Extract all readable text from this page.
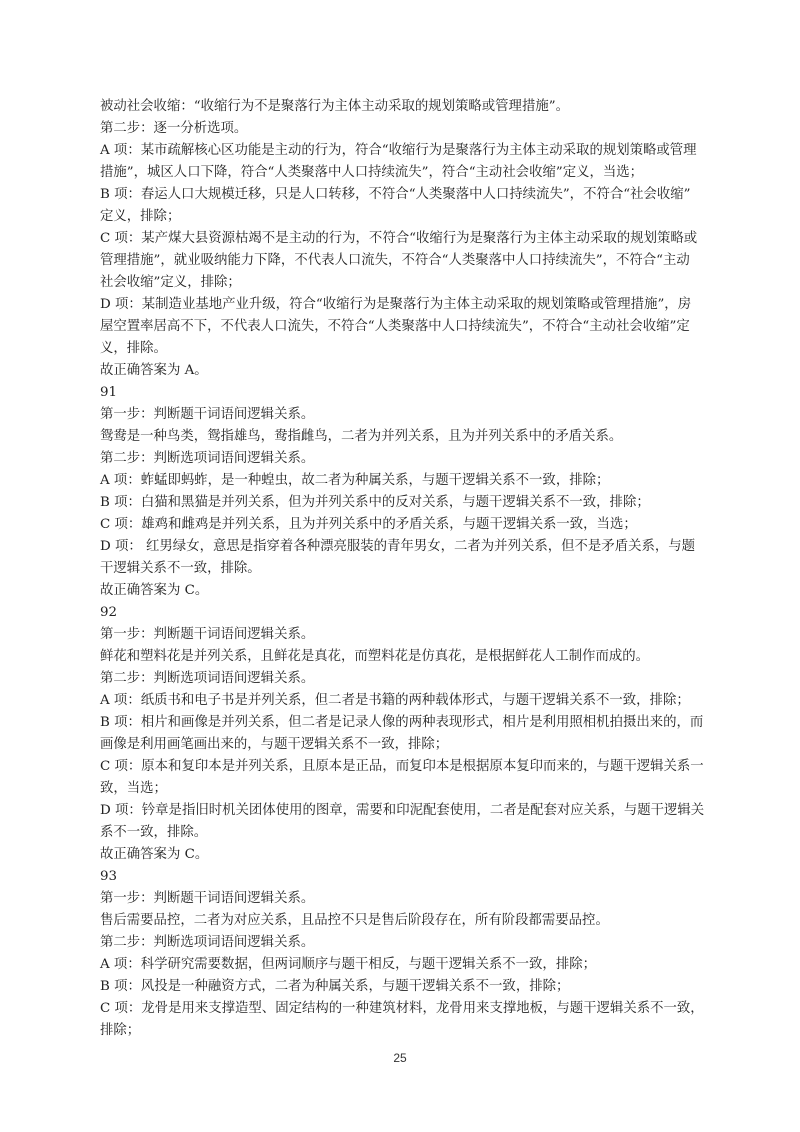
被动社会收缩：“收缩行为不是聚落行为主体主动采取的规划策略或管理措施”。
第二步：逐一分析选项。
A 项：某市疏解核心区功能是主动的行为，符合“收缩行为是聚落行为主体主动采取的规划策略或管理
措施”，城区人口下降，符合“人类聚落中人口持续流失”，符合“主动社会收缩”定义，当选；
B 项：春运人口大规模迁移，只是人口转移，不符合“人类聚落中人口持续流失”，不符合“社会收缩”
定义，排除；
C 项：某产煤大县资源枯竭不是主动的行为，不符合“收缩行为是聚落行为主体主动采取的规划策略或
管理措施”，就业吸纳能力下降，不代表人口流失，不符合“人类聚落中人口持续流失”，不符合“主动
社会收缩”定义，排除；
D 项：某制造业基地产业升级，符合“收缩行为是聚落行为主体主动采取的规划策略或管理措施”，房
屋空置率居高不下，不代表人口流失，不符合“人类聚落中人口持续流失”，不符合“主动社会收缩”定
义，排除。
故正确答案为 A。
91
第一步：判断题干词语间逻辑关系。
鸳鸯是一种鸟类，鸳指雄鸟，鸯指雌鸟，二者为并列关系，且为并列关系中的矛盾关系。
第二步：判断选项词语间逻辑关系。
A 项：蚱蜢即蚂蚱，是一种蝗虫，故二者为种属关系，与题干逻辑关系不一致，排除；
B 项：白猫和黑猫是并列关系，但为并列关系中的反对关系，与题干逻辑关系不一致，排除；
C 项：雄鸡和雌鸡是并列关系，且为并列关系中的矛盾关系，与题干逻辑关系一致，当选；
D 项： 红男绿女，意思是指穿着各种漂亮服装的青年男女，二者为并列关系，但不是矛盾关系，与题
干逻辑关系不一致，排除。
故正确答案为 C。
92
第一步：判断题干词语间逻辑关系。
鲜花和塑料花是并列关系，且鲜花是真花，而塑料花是仿真花，是根据鲜花人工制作而成的。
第二步：判断选项词语间逻辑关系。
A 项：纸质书和电子书是并列关系，但二者是书籍的两种载体形式，与题干逻辑关系不一致，排除；
B 项：相片和画像是并列关系，但二者是记录人像的两种表现形式，相片是利用照相机拍摄出来的，而
画像是利用画笔画出来的，与题干逻辑关系不一致，排除；
C 项：原本和复印本是并列关系，且原本是正品，而复印本是根据原本复印而来的，与题干逻辑关系一
致，当选；
D 项：钤章是指旧时机关团体使用的图章，需要和印泥配套使用，二者是配套对应关系，与题干逻辑关
系不一致，排除。
故正确答案为 C。
93
第一步：判断题干词语间逻辑关系。
售后需要品控，二者为对应关系，且品控不只是售后阶段存在，所有阶段都需要品控。
第二步：判断选项词语间逻辑关系。
A 项：科学研究需要数据，但两词顺序与题干相反，与题干逻辑关系不一致，排除；
B 项：风投是一种融资方式，二者为种属关系，与题干逻辑关系不一致，排除；
C 项：龙骨是用来支撑造型、固定结构的一种建筑材料，龙骨用来支撑地板，与题干逻辑关系不一致，
排除；
25
